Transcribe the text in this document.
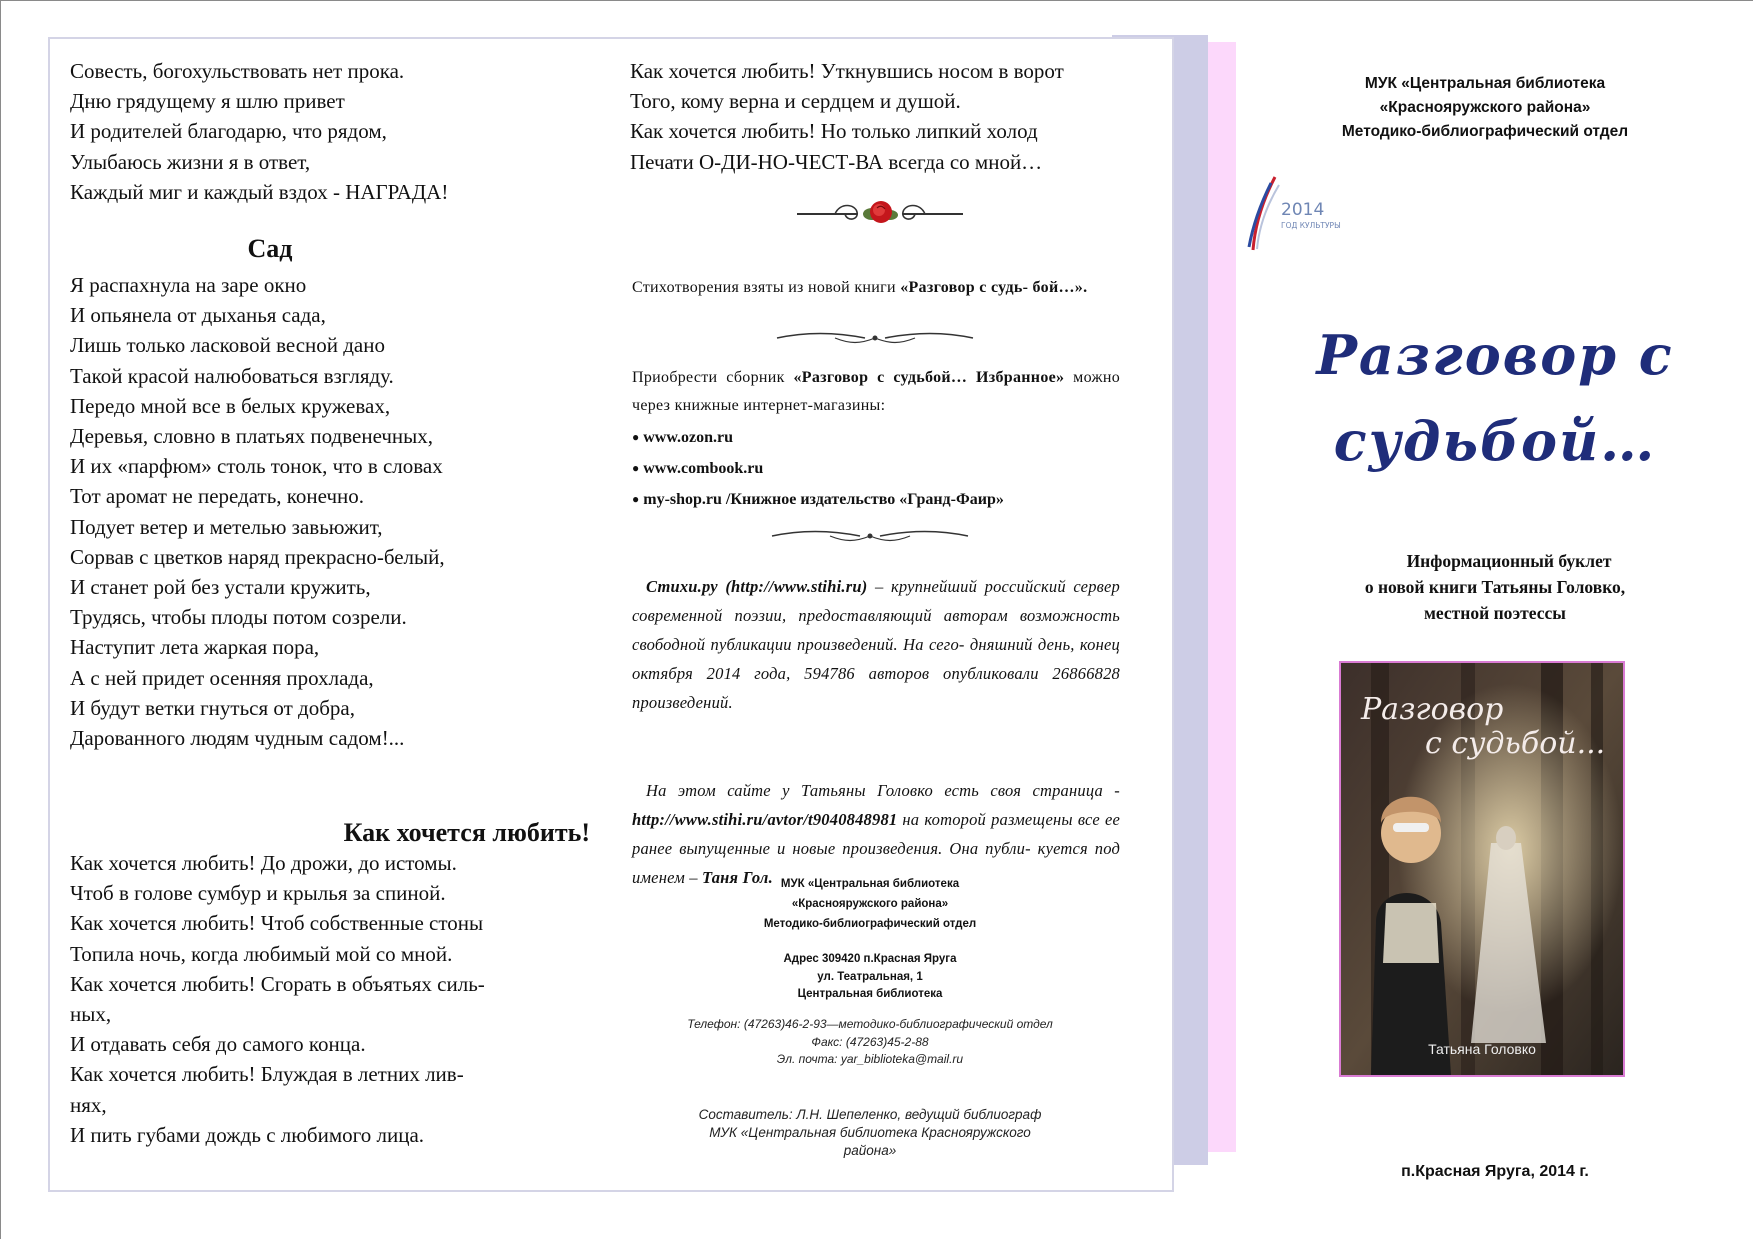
Совесть, богохульствовать нет прока.
Дню грядущему я шлю привет
И родителей благодарю, что рядом,
Улыбаюсь жизни я в ответ,
Каждый миг и каждый вздох - НАГРАДА!
Сад
Я распахнула на заре окно
И опьянела от дыханья сада,
Лишь только ласковой весной дано
Такой красой налюбоваться взгляду.
Передо мной все в белых кружевах,
Деревья, словно в платьях подвенечных,
И их «парфюм» столь тонок, что в словах
Тот аромат не передать, конечно.
Подует ветер и метелью завьюжит,
Сорвав с цветков наряд прекрасно-белый,
И станет рой без устали кружить,
Трудясь, чтобы плоды потом созрели.
Наступит лета жаркая пора,
А с ней придет осенняя прохлада,
И будут ветки гнуться от добра,
Дарованного людям чудным садом!...
Как хочется любить!
Как хочется любить! До дрожи, до истомы.
Чтоб в голове сумбур и крылья за спиной.
Как хочется любить! Чтоб собственные стоны
Топила ночь, когда любимый мой со мной.
Как хочется любить! Сгорать в объятьях силь-
ных,
И отдавать себя до самого конца.
Как хочется любить! Блуждая в летних лив-
нях,
И пить губами дождь с любимого лица.
Как хочется любить! Уткнувшись носом в ворот
Того, кому верна и сердцем и душой.
Как хочется любить! Но только липкий холод
Печати О-ДИ-НО-ЧЕСТ-ВА всегда со мной…
Стихотворения взяты из новой книги «Разговор с судь- бой…».
Приобрести сборник «Разговор с судьбой… Избранное» можно через книжные интернет-магазины:
● www.ozon.ru
● www.combook.ru
● my-shop.ru /Книжное издательство «Гранд-Фаир»
Стихи.ру (http://www.stihi.ru) – крупнейший российский сервер современной поэзии, предоставляющий авторам возможность свободной публикации произведений. На сего- дняшний день, конец октября 2014 года, 594786 авторов опубликовали 26866828 произведений.
На этом сайте у Татьяны Головко есть своя страница - http://www.stihi.ru/avtor/t9040848981 на которой размещены все ее ранее выпущенные и новые произведения. Она публи- куется под именем – Таня Гол. МУК «Центральная библиотека
«Краснояружского района»
Методико-библиографический отдел
Адрес 309420 п.Красная Яруга
ул. Театральная, 1
Центральная библиотека
Телефон: (47263)46-2-93—методико-библиографический отдел
Факс: (47263)45-2-88
Эл. почта: yar_biblioteka@mail.ru
Составитель: Л.Н. Шепеленко, ведущий библиограф
МУК «Центральная библиотека Краснояружского
района»
МУК «Центральная библиотека
«Краснояружского района»
Методико-библиографический отдел
2014
ГОД КУЛЬТУРЫ
Разговор с
судьбой…
Информационный буклет
о новой книги Татьяны Головко,
местной поэтессы
Разговор
с судьбой...
Татьяна Головко
п.Красная Яруга, 2014 г.
